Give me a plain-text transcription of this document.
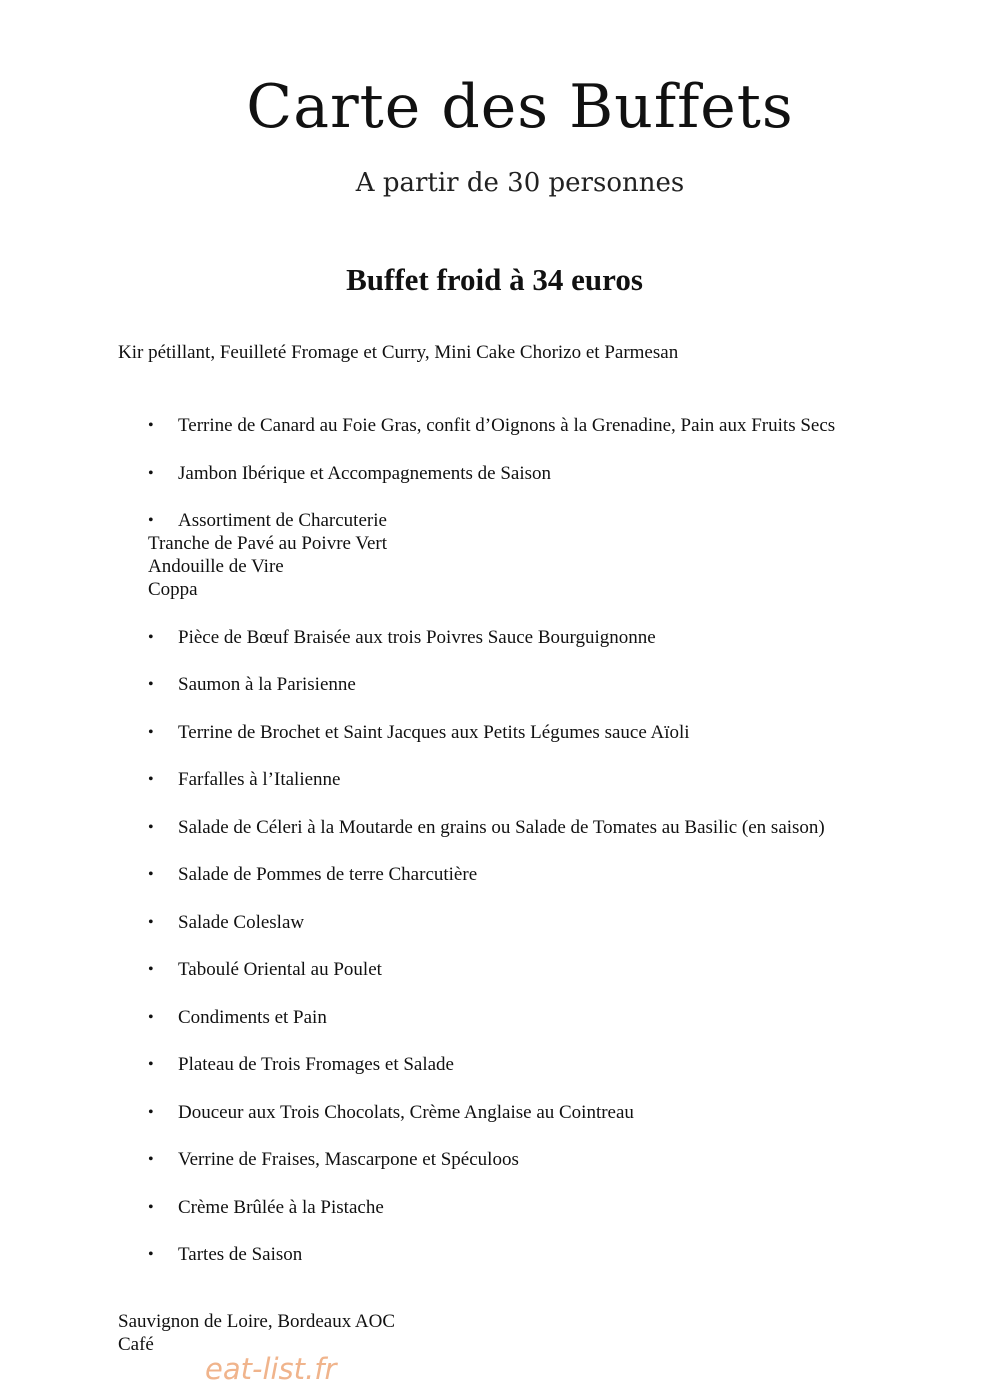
Carte des Buffets

A partir de 30 personnes

Buffet froid à 34 euros

Kir pétillant, Feuilleté Fromage et Curry, Mini Cake Chorizo et Parmesan

• Terrine de Canard au Foie Gras, confit d’Oignons à la Grenadine, Pain aux Fruits Secs
• Jambon Ibérique et Accompagnements de Saison
• Assortiment de Charcuterie
Tranche de Pavé au Poivre Vert
Andouille de Vire
Coppa
• Pièce de Bœuf Braisée aux trois Poivres Sauce Bourguignonne
• Saumon à la Parisienne
• Terrine de Brochet et Saint Jacques aux Petits Légumes sauce Aïoli
• Farfalles à l’Italienne
• Salade de Céleri à la Moutarde en grains ou Salade de Tomates au Basilic (en saison)
• Salade de Pommes de terre Charcutière
• Salade Coleslaw
• Taboulé Oriental au Poulet
• Condiments et Pain
• Plateau de Trois Fromages et Salade
• Douceur aux Trois Chocolats, Crème Anglaise au Cointreau
• Verrine de Fraises, Mascarpone et Spéculoos
• Crème Brûlée à la Pistache
• Tartes de Saison

Sauvignon de Loire, Bordeaux AOC
Café

eat-list.fr
